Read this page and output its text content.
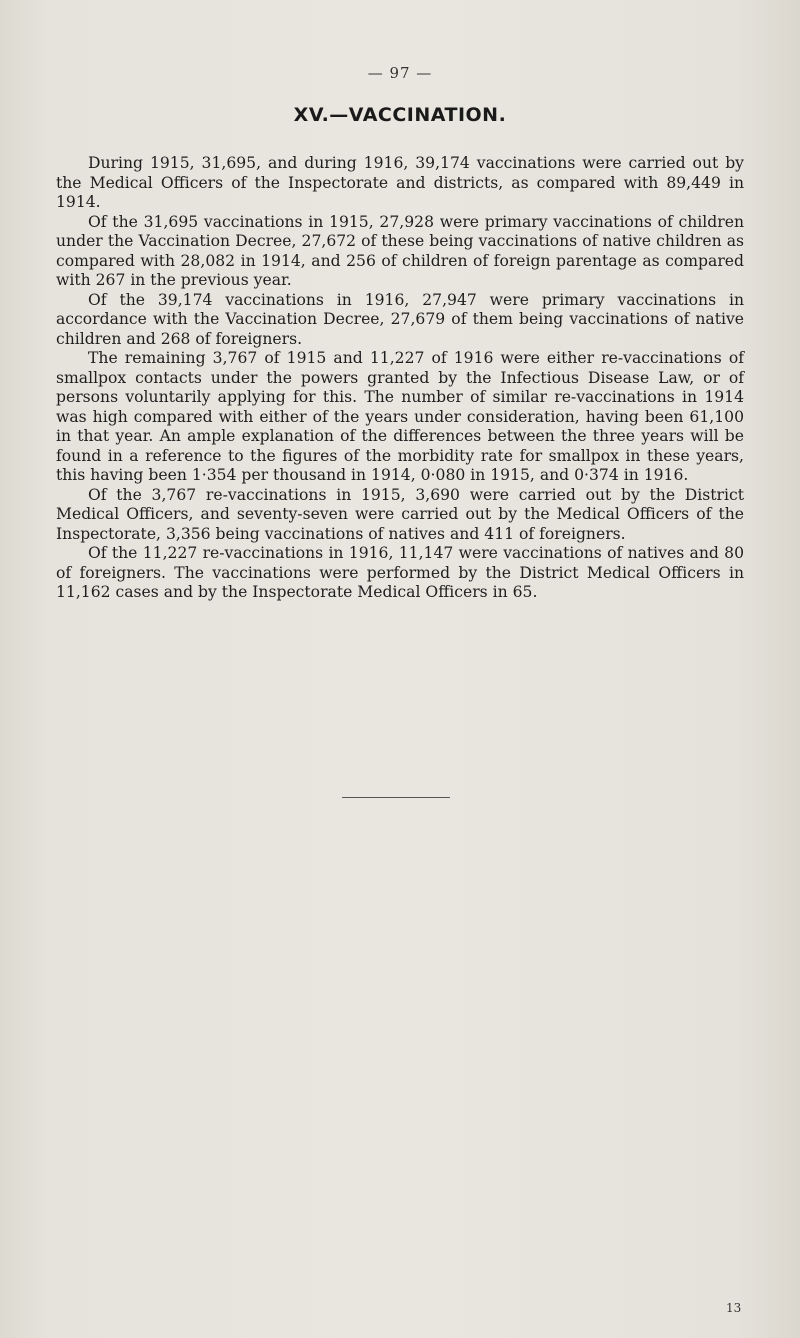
— 97 —
XV.—VACCINATION.

During 1915, 31,695, and during 1916, 39,174 vaccinations were carried out by the Medical Officers of the Inspectorate and districts, as compared with 89,449 in 1914.

Of the 31,695 vaccinations in 1915, 27,928 were primary vaccinations of children under the Vaccination Decree, 27,672 of these being vaccinations of native children as compared with 28,082 in 1914, and 256 of children of foreign parentage as compared with 267 in the previous year.

Of the 39,174 vaccinations in 1916, 27,947 were primary vaccinations in accordance with the Vaccination Decree, 27,679 of them being vaccinations of native children and 268 of foreigners.

The remaining 3,767 of 1915 and 11,227 of 1916 were either re-vaccinations of smallpox contacts under the powers granted by the Infectious Disease Law, or of persons voluntarily applying for this. The number of similar re-vaccinations in 1914 was high compared with either of the years under consideration, having been 61,100 in that year. An ample explanation of the differences between the three years will be found in a reference to the figures of the morbidity rate for smallpox in these years, this having been 1·354 per thousand in 1914, 0·080 in 1915, and 0·374 in 1916.

Of the 3,767 re-vaccinations in 1915, 3,690 were carried out by the District Medical Officers, and seventy-seven were carried out by the Medical Officers of the Inspectorate, 3,356 being vaccinations of natives and 411 of foreigners.

Of the 11,227 re-vaccinations in 1916, 11,147 were vaccinations of natives and 80 of foreigners. The vaccinations were performed by the District Medical Officers in 11,162 cases and by the Inspectorate Medical Officers in 65.

13
